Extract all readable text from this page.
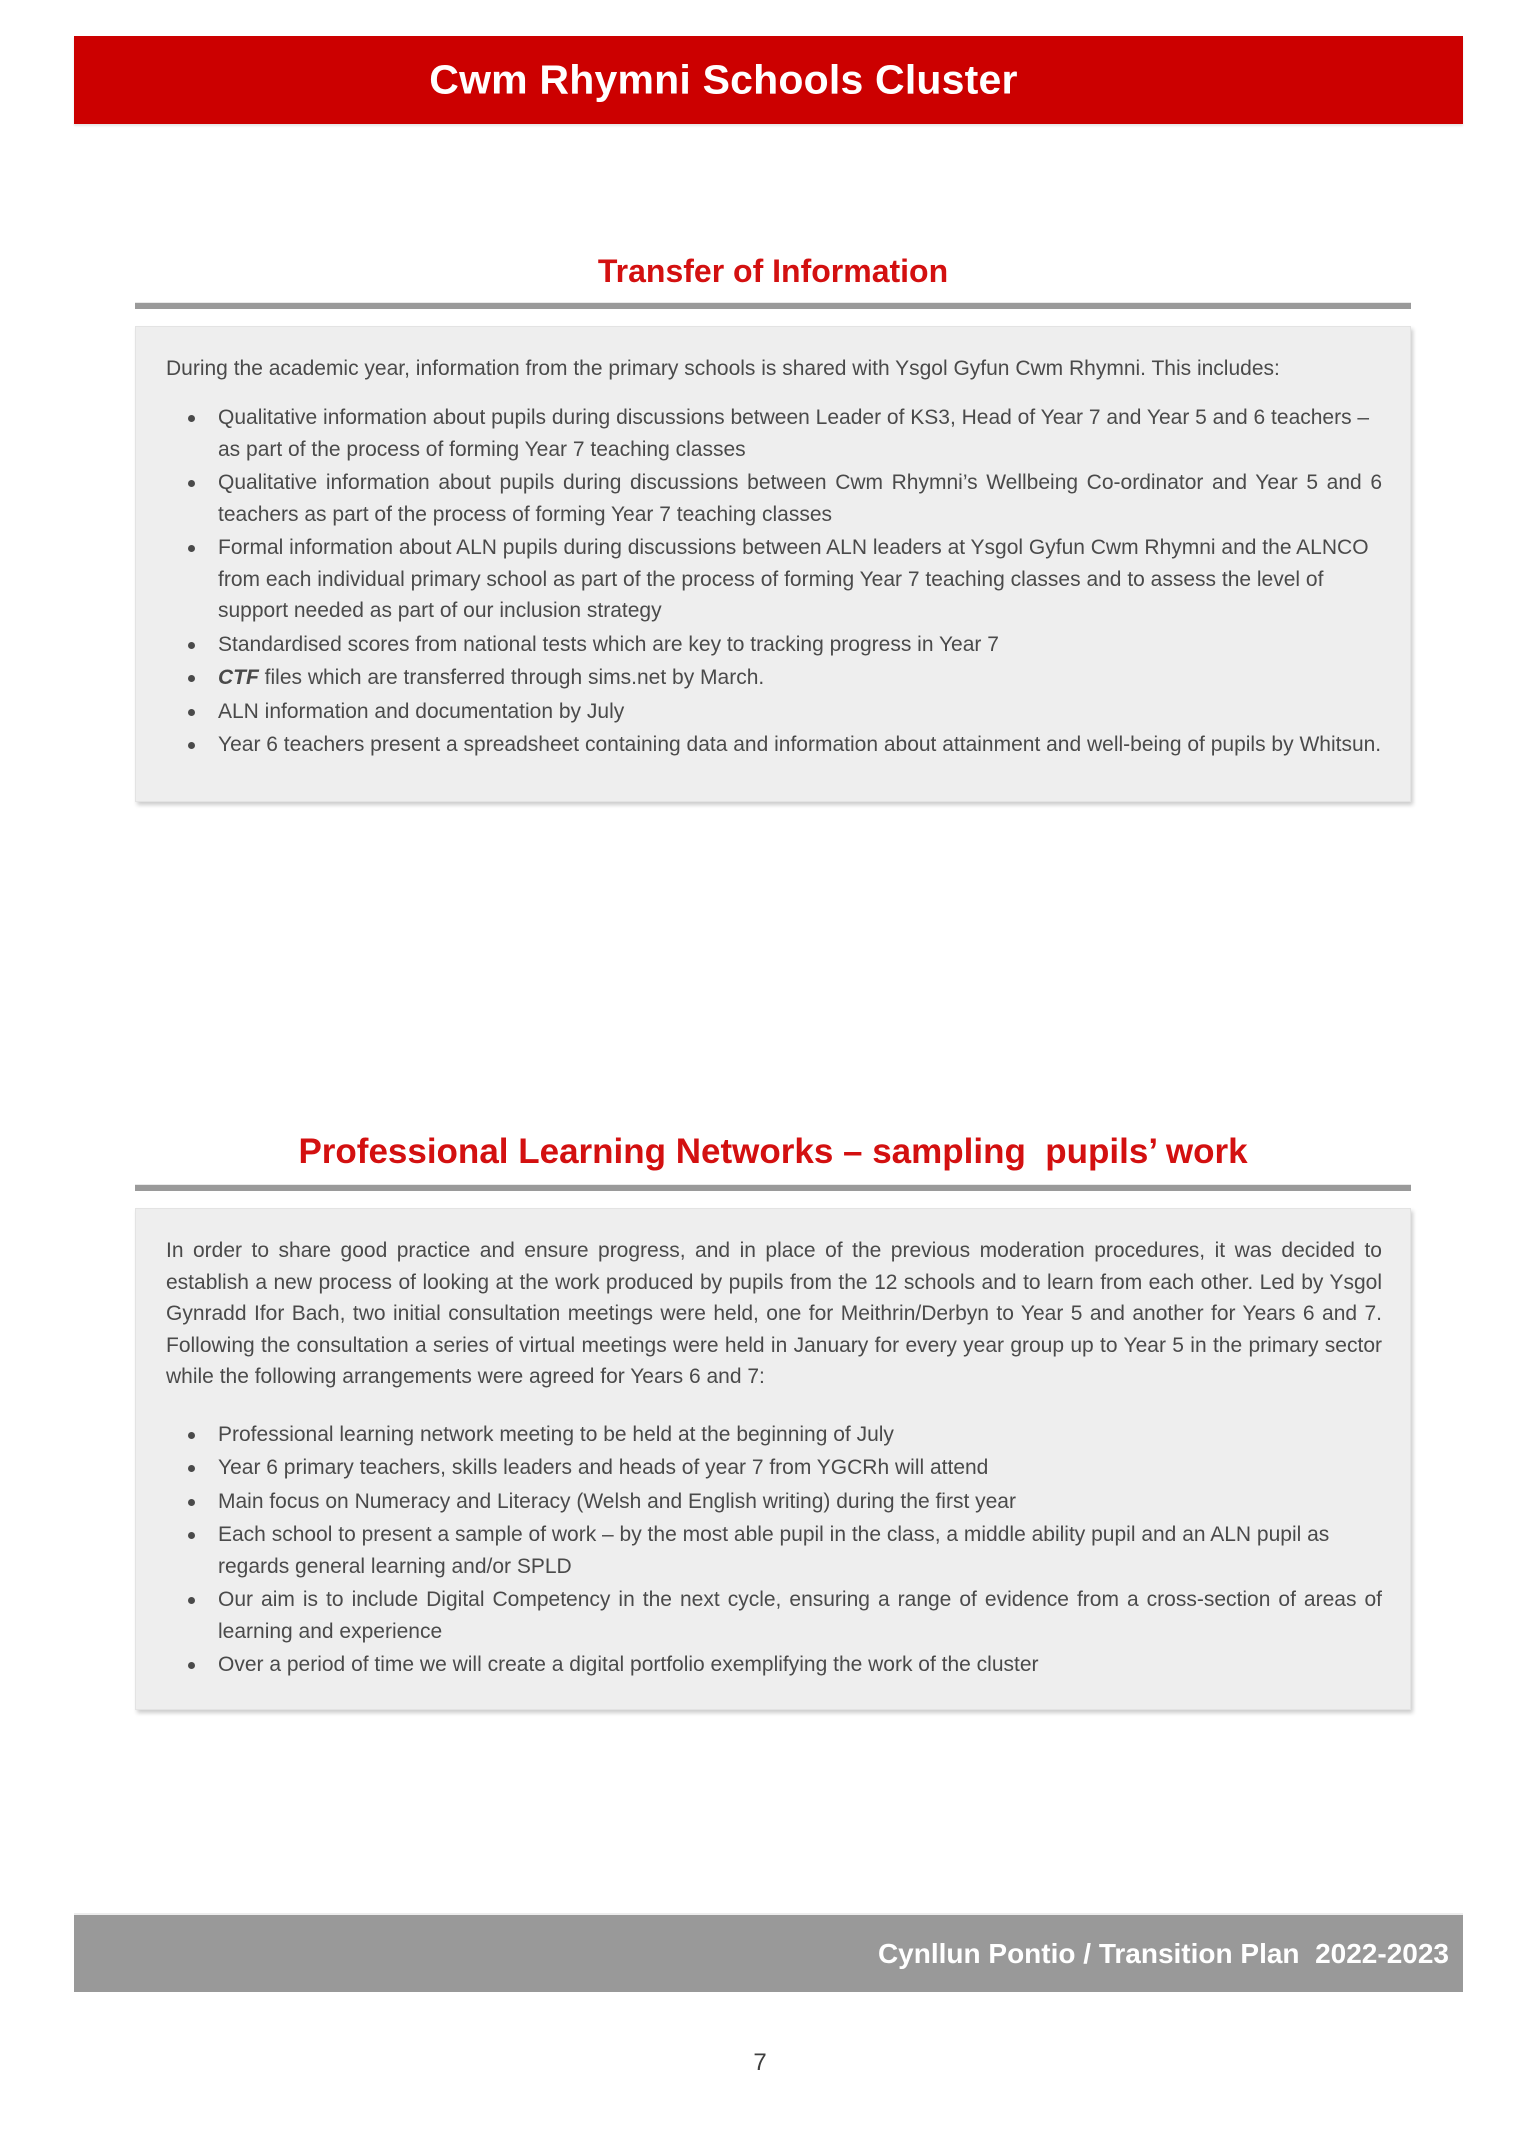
Cwm Rhymni Schools Cluster
Transfer of Information

During the academic year, information from the primary schools is shared with Ysgol Gyfun Cwm Rhymni. This includes:

Qualitative information about pupils during discussions between Leader of KS3, Head of Year 7 and Year 5 and 6 teachers – as part of the process of forming Year 7 teaching classes
Qualitative information about pupils during discussions between Cwm Rhymni’s Wellbeing Co-ordinator and Year 5 and 6 teachers as part of the process of forming Year 7 teaching classes
Formal information about ALN pupils during discussions between ALN leaders at Ysgol Gyfun Cwm Rhymni and the ALNCO from each individual primary school as part of the process of forming Year 7 teaching classes and to assess the level of support needed as part of our inclusion strategy
Standardised scores from national tests which are key to tracking progress in Year 7
CTF files which are transferred through sims.net by March.
ALN information and documentation by July
Year 6 teachers present a spreadsheet containing data and information about attainment and well-being of pupils by Whitsun.
Professional Learning Networks – sampling  pupils’ work

In order to share good practice and ensure progress, and in place of the previous moderation procedures, it was decided to establish a new process of looking at the work produced by pupils from the 12 schools and to learn from each other. Led by Ysgol Gynradd Ifor Bach, two initial consultation meetings were held, one for Meithrin/Derbyn to Year 5 and another for Years 6 and 7. Following the consultation a series of virtual meetings were held in January for every year group up to Year 5 in the primary sector while the following arrangements were agreed for Years 6 and 7:

Professional learning network meeting to be held at the beginning of July
Year 6 primary teachers, skills leaders and heads of year 7 from YGCRh will attend
Main focus on Numeracy and Literacy (Welsh and English writing) during the first year
Each school to present a sample of work – by the most able pupil in the class, a middle ability pupil and an ALN pupil as regards general learning and/or SPLD
Our aim is to include Digital Competency in the next cycle, ensuring a range of evidence from a cross-section of areas of learning and experience
Over a period of time we will create a digital portfolio exemplifying the work of the cluster
Cynllun Pontio / Transition Plan  2022-2023
7
